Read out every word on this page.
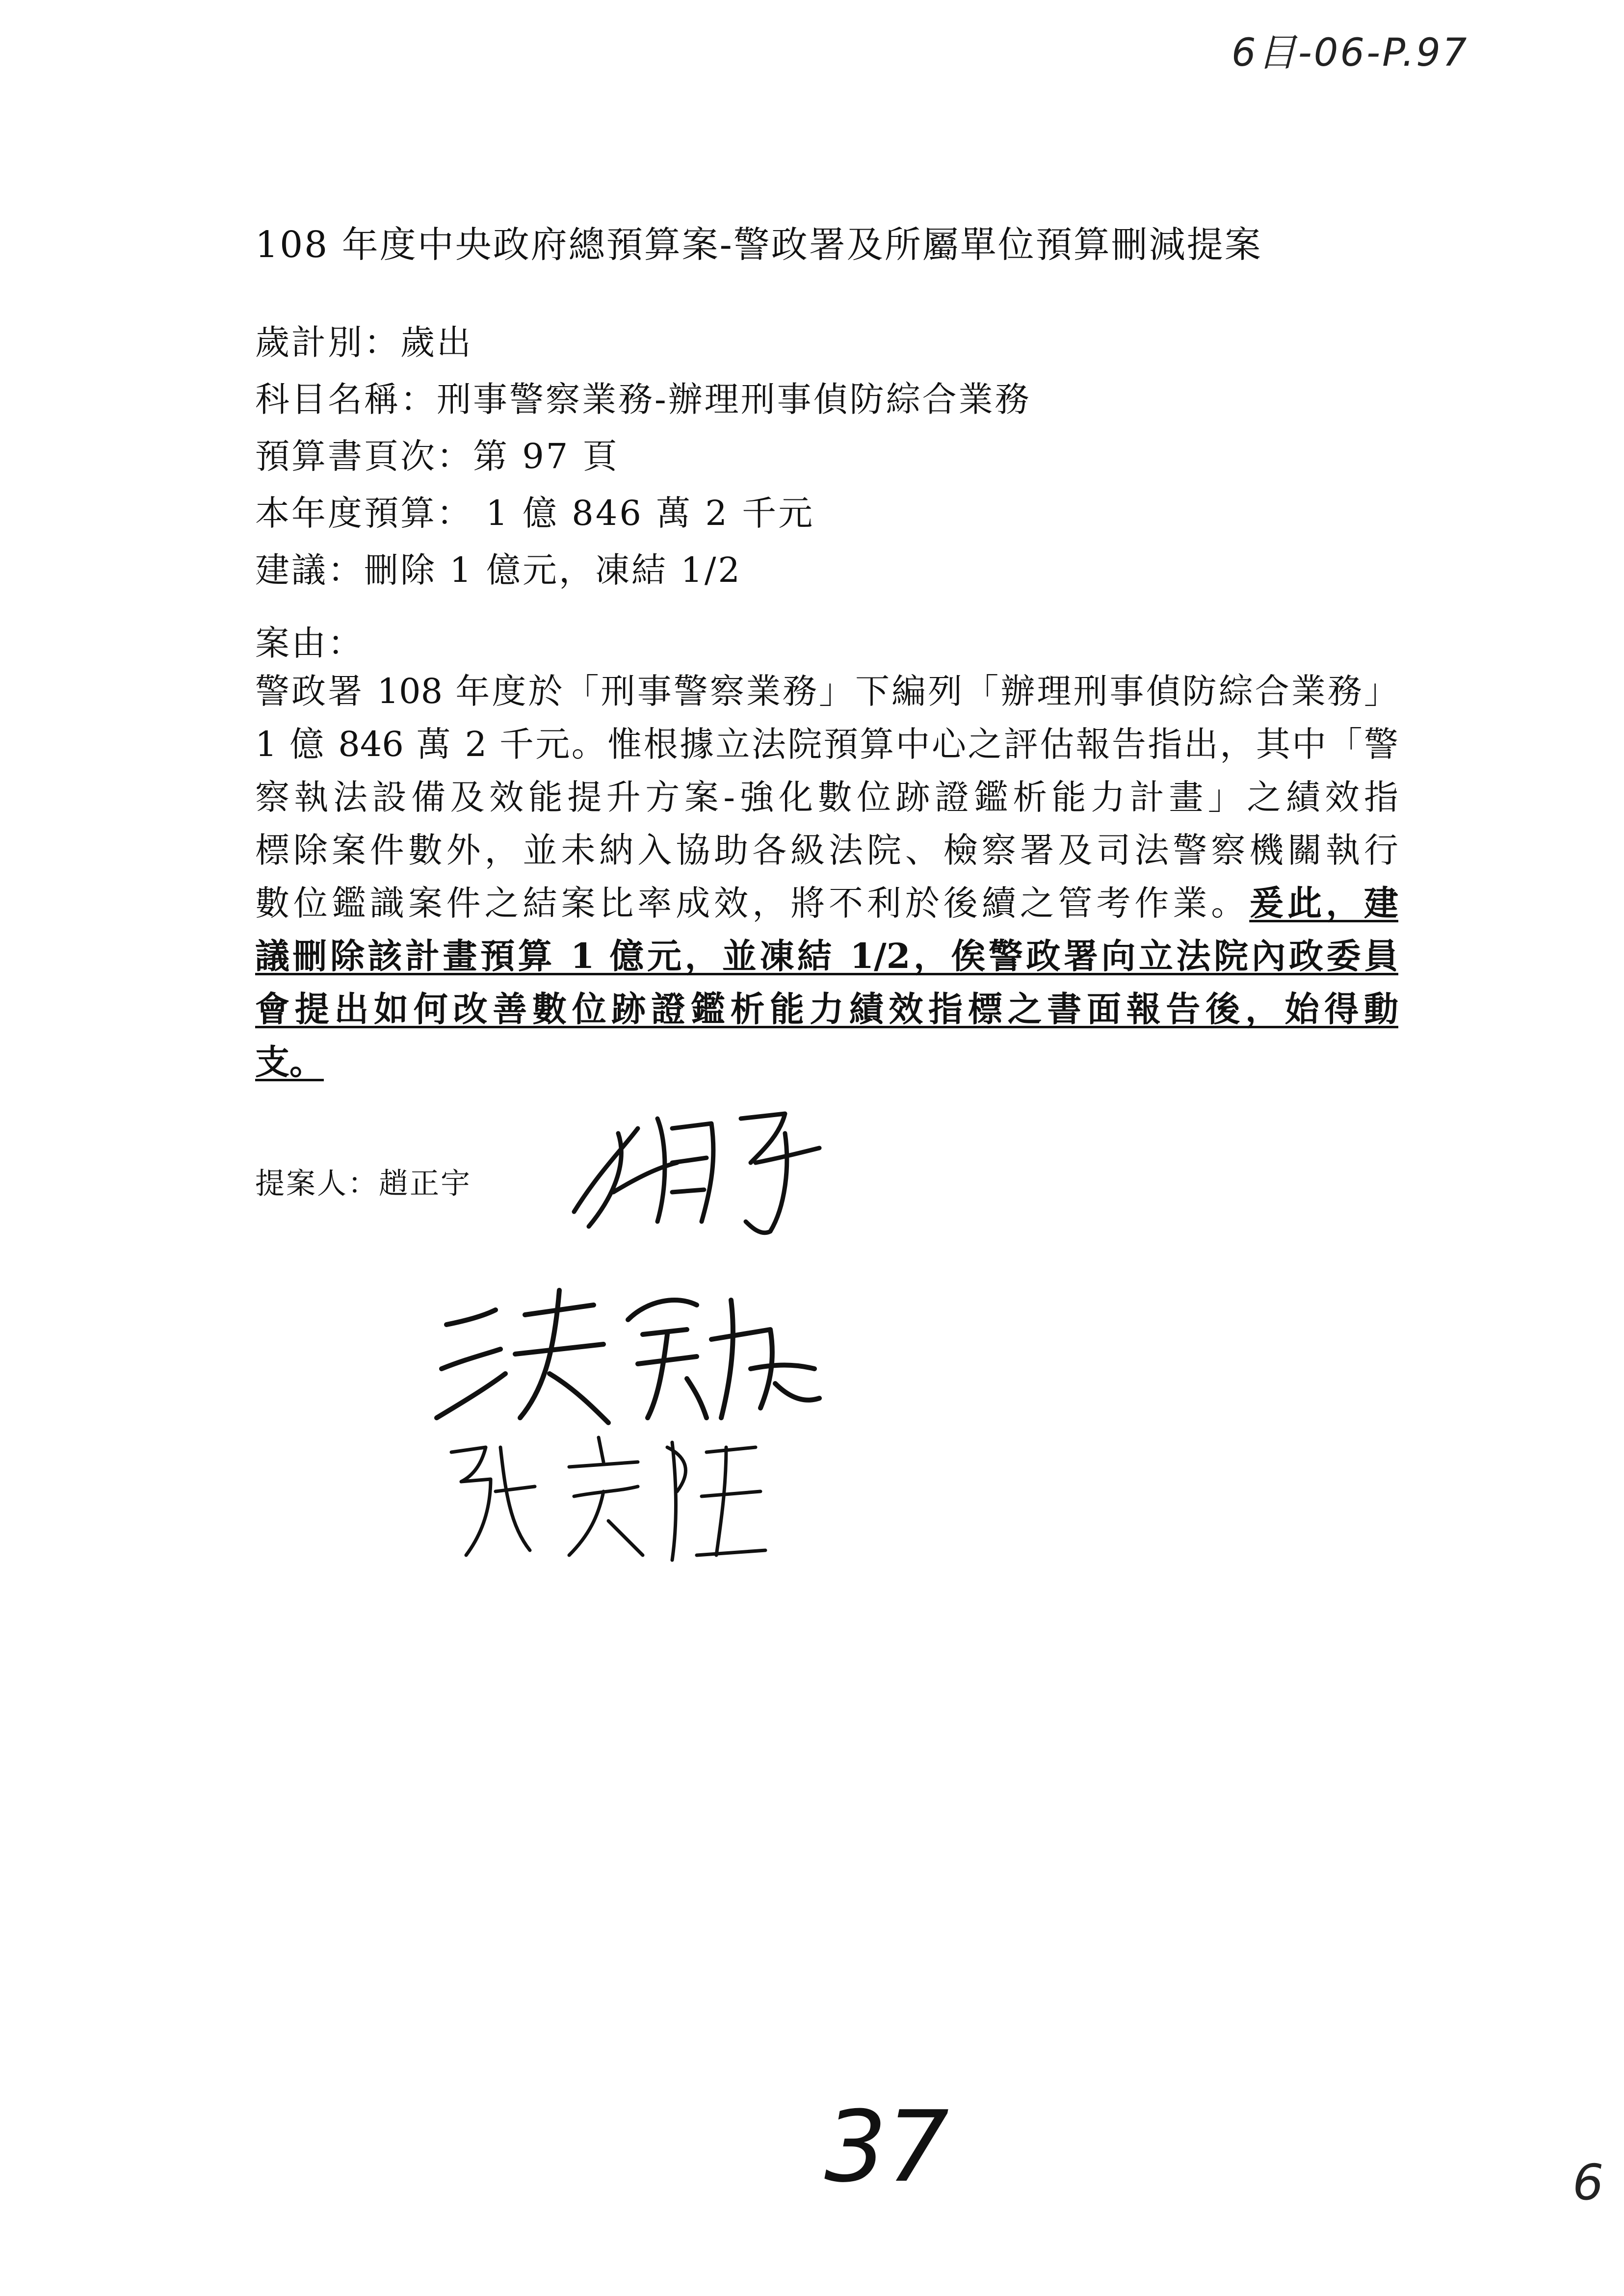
6目-06-P.97
108 年度中央政府總預算案-警政署及所屬單位預算刪減提案
歲計別：歲出
科目名稱：刑事警察業務-辦理刑事偵防綜合業務
預算書頁次：第 97 頁
本年度預算： 1 億 846 萬 2 千元
建議：刪除 1 億元，凍結 1/2
案由：
警政署 108 年度於「刑事警察業務」下編列「辦理刑事偵防綜合業務」
1 億 846 萬 2 千元。惟根據立法院預算中心之評估報告指出，其中「警
察執法設備及效能提升方案-強化數位跡證鑑析能力計畫」之績效指
標除案件數外，並未納入協助各級法院、檢察署及司法警察機關執行
數位鑑識案件之結案比率成效，將不利於後續之管考作業。爰此，建
議刪除該計畫預算 1 億元，並凍結 1/2，俟警政署向立法院內政委員
會提出如何改善數位跡證鑑析能力績效指標之書面報告後，始得動
支。
提案人：趙正宇
37	6
